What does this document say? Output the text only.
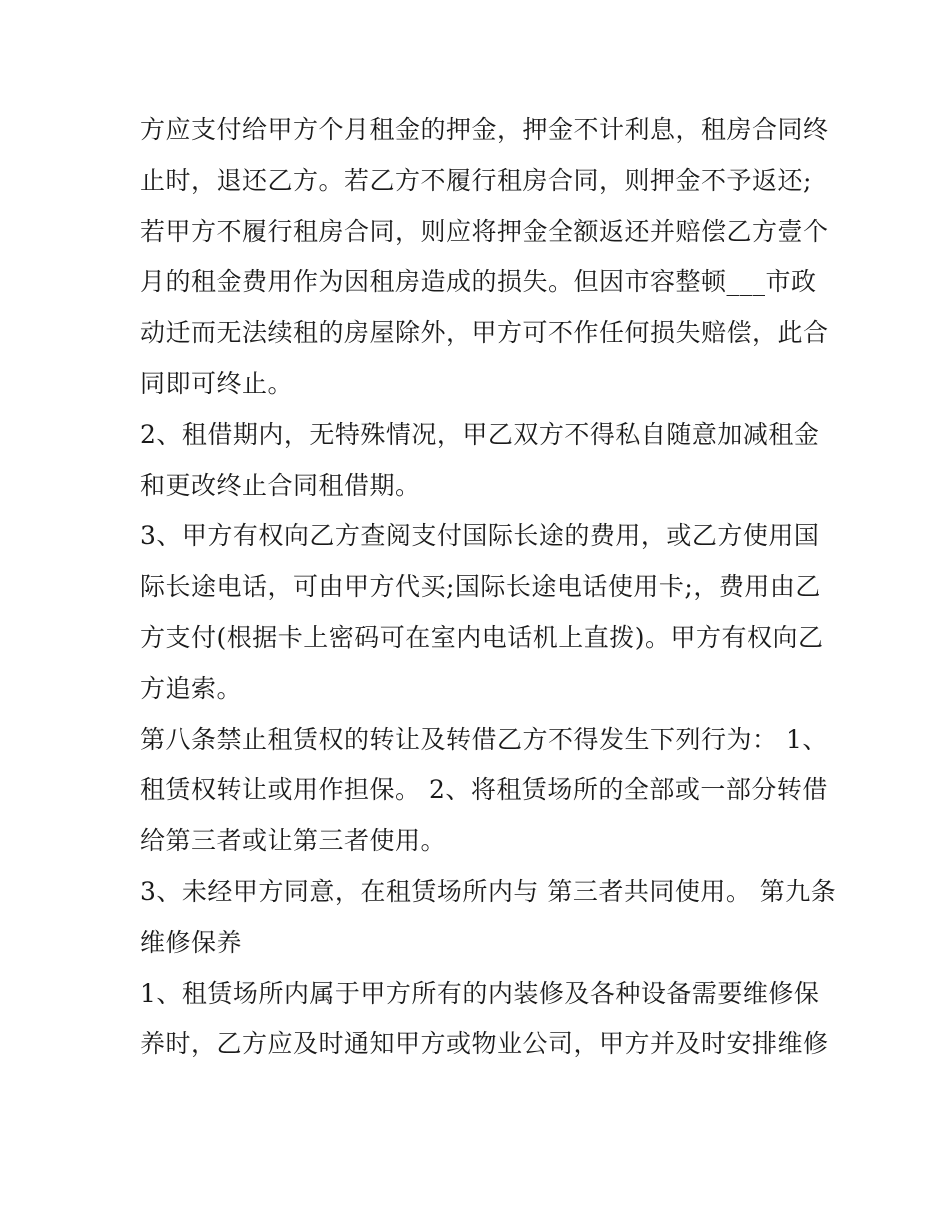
方应支付给甲方个月租金的押金，押金不计利息，租房合同终
止时，退还乙方。若乙方不履行租房合同，则押金不予返还;
若甲方不履行租房合同，则应将押金全额返还并赔偿乙方壹个
月的租金费用作为因租房造成的损失。但因市容整顿___市政
动迁而无法续租的房屋除外，甲方可不作任何损失赔偿，此合
同即可终止。
2、租借期内，无特殊情况，甲乙双方不得私自随意加减租金
和更改终止合同租借期。
3、甲方有权向乙方查阅支付国际长途的费用，或乙方使用国
际长途电话，可由甲方代买;国际长途电话使用卡;，费用由乙
方支付(根据卡上密码可在室内电话机上直拨)。甲方有权向乙
方追索。
第八条禁止租赁权的转让及转借乙方不得发生下列行为： 1、
租赁权转让或用作担保。 2、将租赁场所的全部或一部分转借
给第三者或让第三者使用。
3、未经甲方同意，在租赁场所内与 第三者共同使用。 第九条
维修保养
1、租赁场所内属于甲方所有的内装修及各种设备需要维修保
养时，乙方应及时通知甲方或物业公司，甲方并及时安排维修
